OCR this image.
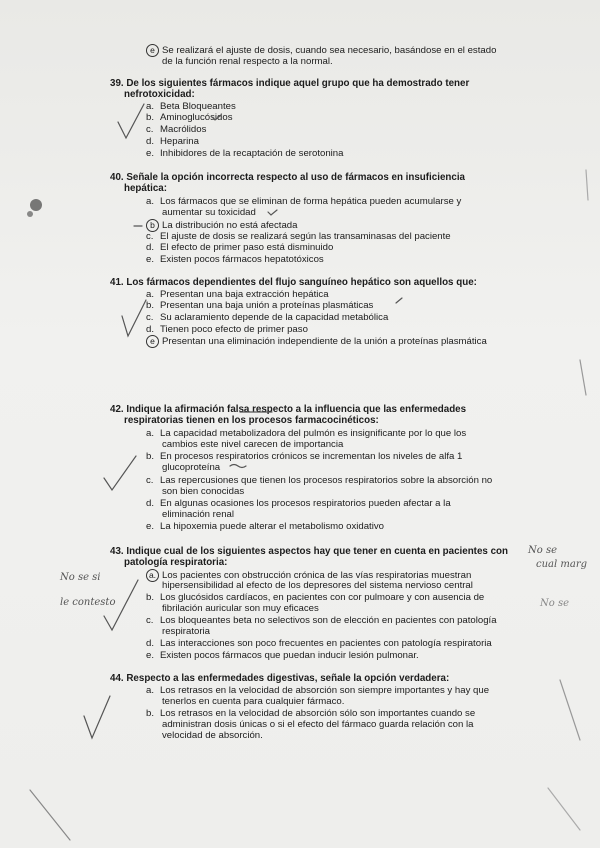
e Se realizará el ajuste de dosis, cuando sea necesario, basándose en el estado
de la función renal respecto a la normal.
39. De los siguientes fármacos indique aquel grupo que ha demostrado tener
nefrotoxicidad:
a. Beta Bloqueantes
b. Aminoglucósidos
c. Macrólidos
d. Heparina
e. Inhibidores de la recaptación de serotonina
40. Señale la opción incorrecta respecto al uso de fármacos en insuficiencia
hepática:
a. Los fármacos que se eliminan de forma hepática pueden acumularse y
aumentar su toxicidad
b La distribución no está afectada
c. El ajuste de dosis se realizará según las transaminasas del paciente
d. El efecto de primer paso está disminuido
e. Existen pocos fármacos hepatotóxicos
41. Los fármacos dependientes del flujo sanguíneo hepático son aquellos que:
a. Presentan una baja extracción hepática
b. Presentan una baja unión a proteínas plasmáticas
c. Su aclaramiento depende de la capacidad metabólica
d. Tienen poco efecto de primer paso
e Presentan una eliminación independiente de la unión a proteínas plasmática
42. Indique la afirmación falsa respecto a la influencia que las enfermedades
respiratorias tienen en los procesos farmacocinéticos:
a. La capacidad metabolizadora del pulmón es insignificante por lo que los
cambios este nivel carecen de importancia
b. En procesos respiratorios crónicos se incrementan los niveles de alfa 1
glucoproteína
c. Las repercusiones que tienen los procesos respiratorios sobre la absorción no
son bien conocidas
d. En algunas ocasiones los procesos respiratorios pueden afectar a la
eliminación renal
e. La hipoxemia puede alterar el metabolismo oxidativo
43. Indique cual de los siguientes aspectos hay que tener en cuenta en pacientes con
patología respiratoria:
a. Los pacientes con obstrucción crónica de las vías respiratorias muestran
hipersensibilidad al efecto de los depresores del sistema nervioso central
b. Los glucósidos cardíacos, en pacientes con cor pulmoare y con ausencia de
fibrilación auricular son muy eficaces
c. Los bloqueantes beta no selectivos son de elección en pacientes con patología
respiratoria
d. Las interacciones son poco frecuentes en pacientes con patología respiratoria
e. Existen pocos fármacos que puedan inducir lesión pulmonar.
44. Respecto a las enfermedades digestivas, señale la opción verdadera:
a. Los retrasos en la velocidad de absorción son siempre importantes y hay que
tenerlos en cuenta para cualquier fármaco.
b. Los retrasos en la velocidad de absorción sólo son importantes cuando se
administran dosis únicas o si el efecto del fármaco guarda relación con la
velocidad de absorción.
No se si
le contesto
No se
cual marg
No se
